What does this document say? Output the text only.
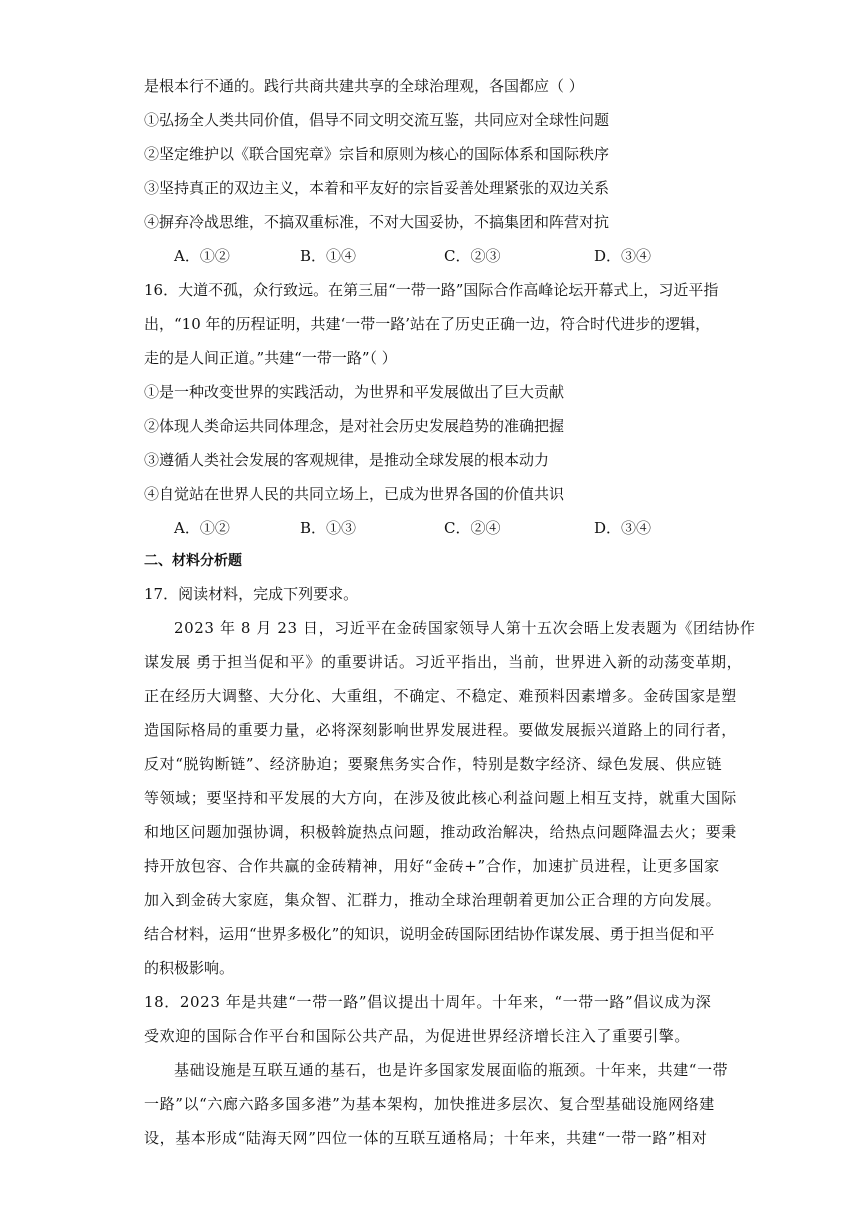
是根本行不通的。践行共商共建共享的全球治理观，各国都应（ ）
①弘扬全人类共同价值，倡导不同文明交流互鉴，共同应对全球性问题
②坚定维护以《联合国宪章》宗旨和原则为核心的国际体系和国际秩序
③坚持真正的双边主义，本着和平友好的宗旨妥善处理紧张的双边关系
④摒弃冷战思维，不搞双重标准，不对大国妥协，不搞集团和阵营对抗
A．①②	B．①④	C．②③	D．③④
16．大道不孤，众行致远。在第三届“一带一路”国际合作高峰论坛开幕式上，习近平指
出，“10 年的历程证明，共建‘一带一路’站在了历史正确一边，符合时代进步的逻辑，
走的是人间正道。”共建“一带一路”（ ）
①是一种改变世界的实践活动，为世界和平发展做出了巨大贡献
②体现人类命运共同体理念，是对社会历史发展趋势的准确把握
③遵循人类社会发展的客观规律，是推动全球发展的根本动力
④自觉站在世界人民的共同立场上，已成为世界各国的价值共识
A．①②	B．①③	C．②④	D．③④
二、材料分析题
17．阅读材料，完成下列要求。
2023 年 8 月 23 日，习近平在金砖国家领导人第十五次会晤上发表题为《团结协作
谋发展 勇于担当促和平》的重要讲话。习近平指出，当前，世界进入新的动荡变革期，
正在经历大调整、大分化、大重组，不确定、不稳定、难预料因素增多。金砖国家是塑
造国际格局的重要力量，必将深刻影响世界发展进程。要做发展振兴道路上的同行者，
反对“脱钩断链”、经济胁迫；要聚焦务实合作，特别是数字经济、绿色发展、供应链
等领域；要坚持和平发展的大方向，在涉及彼此核心利益问题上相互支持，就重大国际
和地区问题加强协调，积极斡旋热点问题，推动政治解决，给热点问题降温去火；要秉
持开放包容、合作共赢的金砖精神，用好“金砖+”合作，加速扩员进程，让更多国家
加入到金砖大家庭，集众智、汇群力，推动全球治理朝着更加公正合理的方向发展。
结合材料，运用“世界多极化”的知识，说明金砖国际团结协作谋发展、勇于担当促和平
的积极影响。
18．2023 年是共建“一带一路”倡议提出十周年。十年来，“一带一路”倡议成为深
受欢迎的国际合作平台和国际公共产品，为促进世界经济增长注入了重要引擎。
基础设施是互联互通的基石，也是许多国家发展面临的瓶颈。十年来，共建“一带
一路”以“六廊六路多国多港”为基本架构，加快推进多层次、复合型基础设施网络建
设，基本形成“陆海天网”四位一体的互联互通格局；十年来，共建“一带一路”相对
